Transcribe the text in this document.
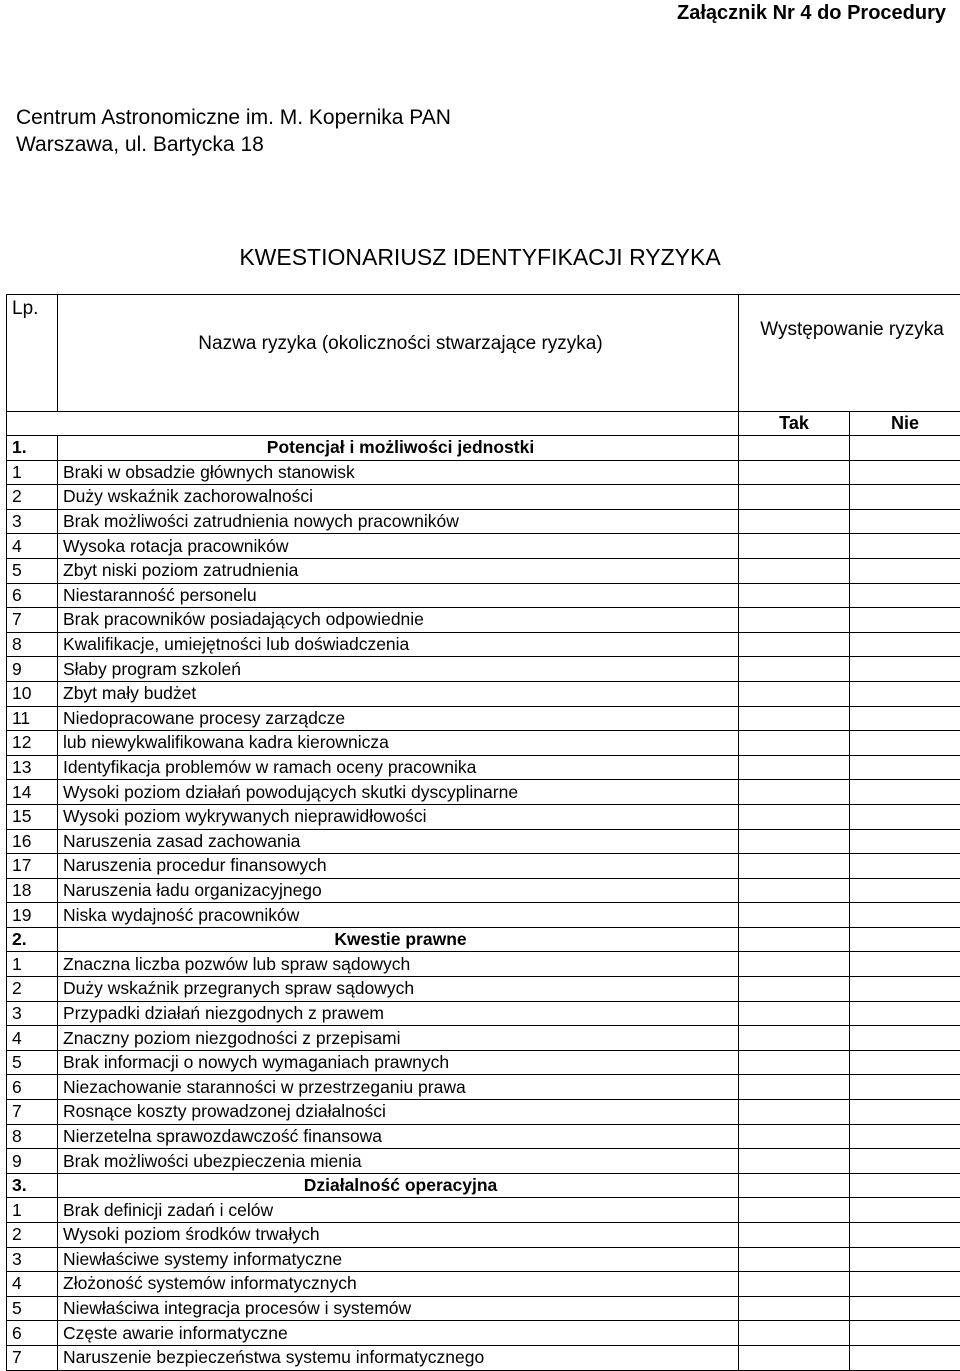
Załącznik Nr 4 do Procedury
Centrum Astronomiczne im. M. Kopernika PAN
Warszawa, ul. Bartycka 18
KWESTIONARIUSZ IDENTYFIKACJI RYZYKA
Lp.	Nazwa ryzyka (okoliczności stwarzające ryzyka)	Występowanie ryzyka	
		Tak	Nie
1.	Potencjał i możliwości jednostki		
1	Braki w obsadzie głównych stanowisk		
2	Duży wskaźnik zachorowalności		
3	Brak możliwości zatrudnienia nowych pracowników		
4	Wysoka rotacja pracowników		
5	Zbyt niski poziom zatrudnienia		
6	Niestaranność personelu		
7	Brak pracowników posiadających odpowiednie		
8	Kwalifikacje, umiejętności lub doświadczenia		
9	Słaby program szkoleń		
10	Zbyt mały budżet		
11	Niedopracowane procesy zarządcze		
12	lub niewykwalifikowana kadra kierownicza		
13	Identyfikacja problemów w ramach oceny pracownika		
14	Wysoki poziom działań powodujących skutki dyscyplinarne		
15	Wysoki poziom wykrywanych nieprawidłowości		
16	Naruszenia zasad zachowania		
17	Naruszenia procedur finansowych		
18	Naruszenia ładu organizacyjnego		
19	Niska wydajność pracowników		
2.	Kwestie prawne		
1	Znaczna liczba pozwów lub spraw sądowych		
2	Duży wskaźnik przegranych spraw sądowych		
3	Przypadki działań niezgodnych z prawem		
4	Znaczny poziom niezgodności z przepisami		
5	Brak informacji o nowych wymaganiach prawnych		
6	Niezachowanie staranności w przestrzeganiu prawa		
7	Rosnące koszty prowadzonej działalności		
8	Nierzetelna sprawozdawczość finansowa		
9	Brak możliwości ubezpieczenia mienia		
3.	Działalność operacyjna		
1	Brak definicji zadań i celów		
2	Wysoki poziom środków trwałych		
3	Niewłaściwe systemy informatyczne		
4	Złożoność systemów informatycznych		
5	Niewłaściwa integracja procesów i systemów		
6	Częste awarie informatyczne		
7	Naruszenie bezpieczeństwa systemu informatycznego		
